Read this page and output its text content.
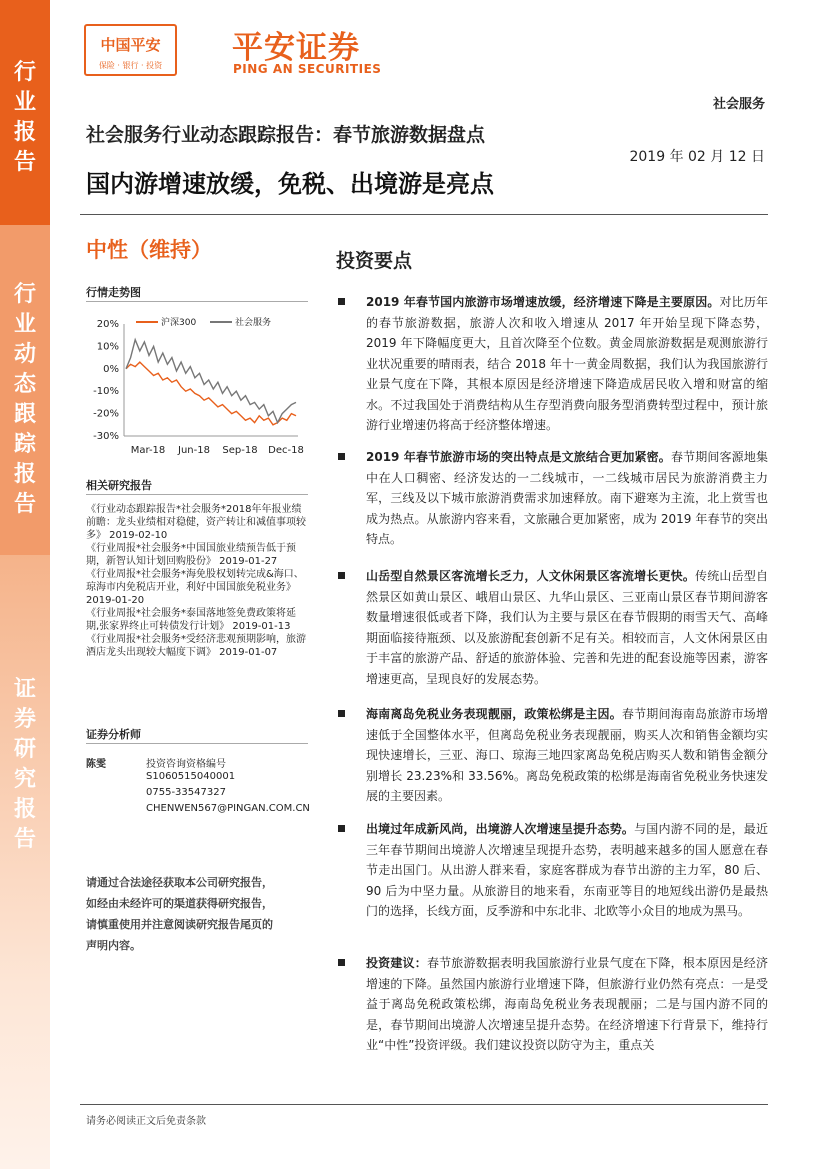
行
业
报
告
行
业
动
态
跟
踪
报
告
证
券
研
究
报
告
中国平安
保险 · 银行 · 投资	平安证券
PING AN SECURITIES
社会服务
社会服务行业动态跟踪报告：春节旅游数据盘点
2019 年 02 月 12 日
国内游增速放缓，免税、出境游是亮点
中性（维持）
行情走势图
20%
10%
0%
-10%
-20%
-30%
Mar-18 Jun-18 Sep-18 Dec-18
沪深300	社会服务
相关研究报告
《行业动态跟踪报告*社会服务*2018年年报业绩前瞻：龙头业绩相对稳健，资产转让和减值事项较多》 2019-02-10
《行业周报*社会服务*中国国旅业绩预告低于预期，新智认知计划回购股份》 2019-01-27
《行业周报*社会服务*海免股权划转完成&海口、琼海市内免税店开业，利好中国国旅免税业务》 2019-01-20
《行业周报*社会服务*泰国落地签免费政策将延期,张家界终止可转债发行计划》 2019-01-13
《行业周报*社会服务*受经济悲观预期影响，旅游酒店龙头出现较大幅度下调》 2019-01-07
证券分析师
陈雯	投资咨询资格编号
S1060515040001
0755-33547327
CHENWEN567@PINGAN.COM.CN
请通过合法途径获取本公司研究报告，如经由未经许可的渠道获得研究报告，请慎重使用并注意阅读研究报告尾页的声明内容。
投资要点
2019 年春节国内旅游市场增速放缓，经济增速下降是主要原因。对比历年的春节旅游数据，旅游人次和收入增速从 2017 年开始呈现下降态势，2019 年下降幅度更大，且首次降至个位数。黄金周旅游数据是观测旅游行业状况重要的晴雨表，结合 2018 年十一黄金周数据，我们认为我国旅游行业景气度在下降，其根本原因是经济增速下降造成居民收入增和财富的缩水。不过我国处于消费结构从生存型消费向服务型消费转型过程中，预计旅游行业增速仍将高于经济整体增速。
2019 年春节旅游市场的突出特点是文旅结合更加紧密。春节期间客源地集中在人口稠密、经济发达的一二线城市，一二线城市居民为旅游消费主力军，三线及以下城市旅游消费需求加速释放。南下避寒为主流，北上赏雪也成为热点。从旅游内容来看，文旅融合更加紧密，成为 2019 年春节的突出特点。
山岳型自然景区客流增长乏力，人文休闲景区客流增长更快。传统山岳型自然景区如黄山景区、峨眉山景区、九华山景区、三亚南山景区春节期间游客数量增速很低或者下降，我们认为主要与景区在春节假期的雨雪天气、高峰期面临接待瓶颈、以及旅游配套创新不足有关。相较而言，人文休闲景区由于丰富的旅游产品、舒适的旅游体验、完善和先进的配套设施等因素，游客增速更高，呈现良好的发展态势。
海南离岛免税业务表现靓丽，政策松绑是主因。春节期间海南岛旅游市场增速低于全国整体水平，但离岛免税业务表现靓丽，购买人次和销售金额均实现快速增长，三亚、海口、琼海三地四家离岛免税店购买人数和销售金额分别增长 23.23%和 33.56%。离岛免税政策的松绑是海南省免税业务快速发展的主要因素。
出境过年成新风尚，出境游人次增速呈提升态势。与国内游不同的是，最近三年春节期间出境游人次增速呈现提升态势，表明越来越多的国人愿意在春节走出国门。从出游人群来看，家庭客群成为春节出游的主力军，80 后、90 后为中坚力量。从旅游目的地来看，东南亚等目的地短线出游仍是最热门的选择，长线方面，反季游和中东北非、北欧等小众目的地成为黑马。
投资建议：春节旅游数据表明我国旅游行业景气度在下降，根本原因是经济增速的下降。虽然国内旅游行业增速下降，但旅游行业仍然有亮点：一是受益于离岛免税政策松绑，海南岛免税业务表现靓丽；二是与国内游不同的是，春节期间出境游人次增速呈提升态势。在经济增速下行背景下，维持行业“中性”投资评级。我们建议投资以防守为主，重点关
请务必阅读正文后免责条款
